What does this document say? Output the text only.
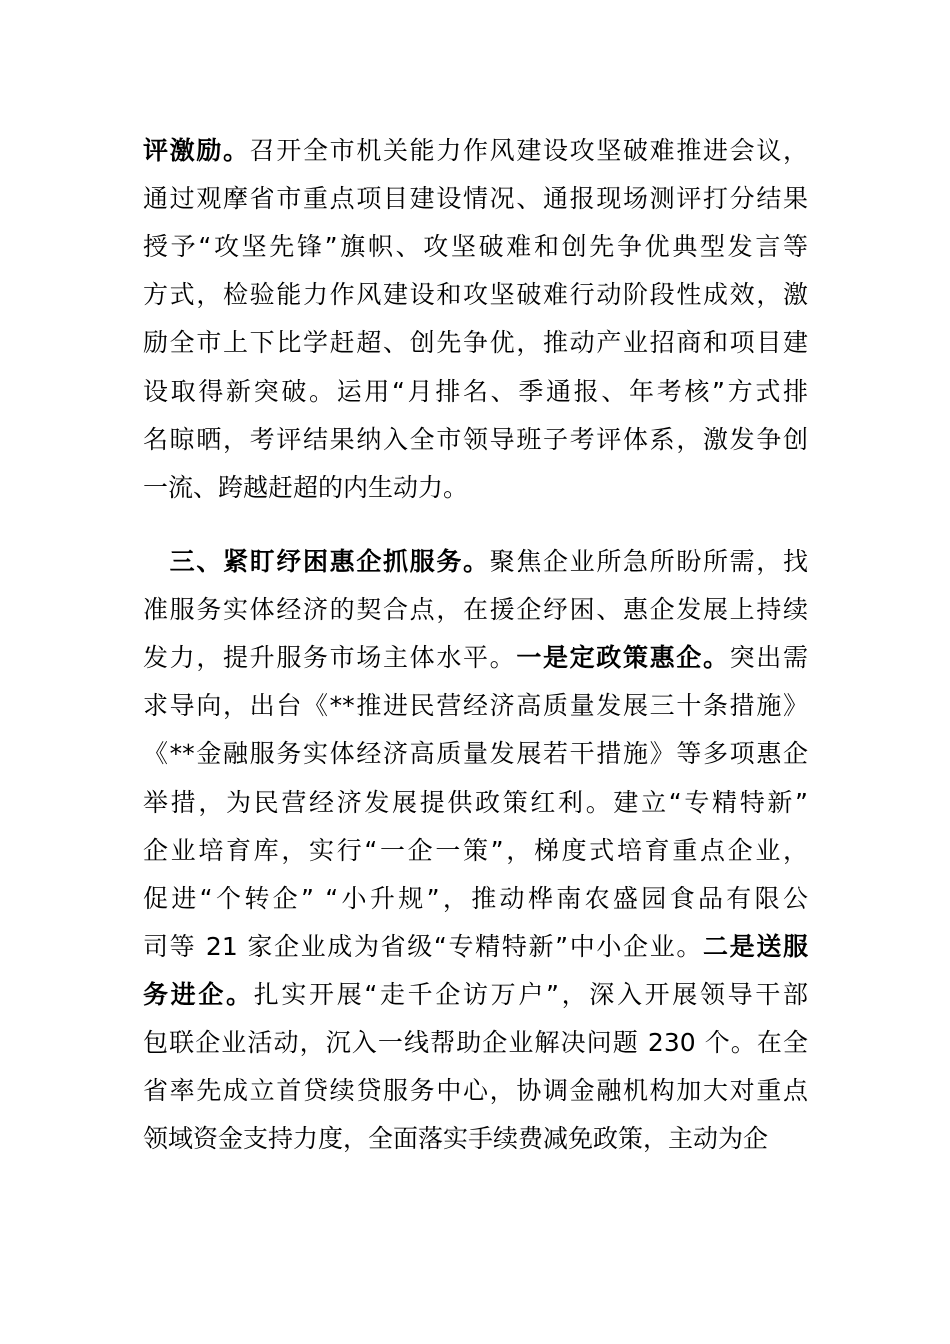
评激励。召开全市机关能力作风建设攻坚破难推进会议，
通过观摩省市重点项目建设情况、通报现场测评打分结果
授予“攻坚先锋”旗帜、攻坚破难和创先争优典型发言等
方式，检验能力作风建设和攻坚破难行动阶段性成效，激
励全市上下比学赶超、创先争优，推动产业招商和项目建
设取得新突破。运用“月排名、季通报、年考核”方式排
名晾晒，考评结果纳入全市领导班子考评体系，激发争创
一流、跨越赶超的内生动力。
　三、紧盯纾困惠企抓服务。聚焦企业所急所盼所需，找
准服务实体经济的契合点，在援企纾困、惠企发展上持续
发力，提升服务市场主体水平。一是定政策惠企。突出需
求导向，出台《**推进民营经济高质量发展三十条措施》
《**金融服务实体经济高质量发展若干措施》等多项惠企
举措，为民营经济发展提供政策红利。建立“专精特新”
企业培育库，实行“一企一策”，梯度式培育重点企业，
促进“个转企” “小升规”，推动桦南农盛园食品有限公
司等 21 家企业成为省级“专精特新”中小企业。二是送服
务进企。扎实开展“走千企访万户”，深入开展领导干部
包联企业活动，沉入一线帮助企业解决问题 230 个。在全
省率先成立首贷续贷服务中心，协调金融机构加大对重点
领域资金支持力度，全面落实手续费减免政策，主动为企
